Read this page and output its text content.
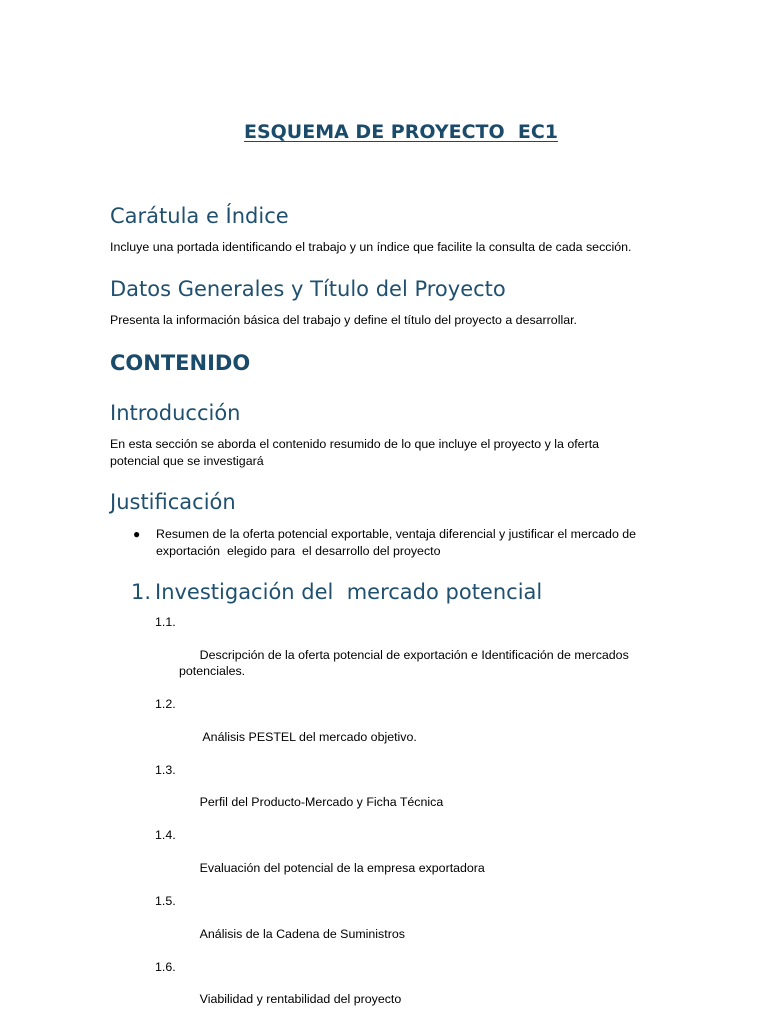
ESQUEMA DE PROYECTO  EC1
Carátula e Índice
Incluye una portada identificando el trabajo y un índice que facilite la consulta de cada sección.
Datos Generales y Título del Proyecto
Presenta la información básica del trabajo y define el título del proyecto a desarrollar.
CONTENIDO
Introducción
En esta sección se aborda el contenido resumido de lo que incluye el proyecto y la oferta potencial que se investigará
Justificación
● Resumen de la oferta potencial exportable, ventaja diferencial y justificar el mercado de exportación  elegido para  el desarrollo del proyecto
1. Investigación del  mercado potencial

1.1.

Descripción de la oferta potencial de exportación e Identificación de mercados potenciales.

1.2.

Análisis PESTEL del mercado objetivo.

1.3.

Perfil del Producto-Mercado y Ficha Técnica

1.4.

Evaluación del potencial de la empresa exportadora

1.5.

Análisis de la Cadena de Suministros

1.6.

Viabilidad y rentabilidad del proyecto
